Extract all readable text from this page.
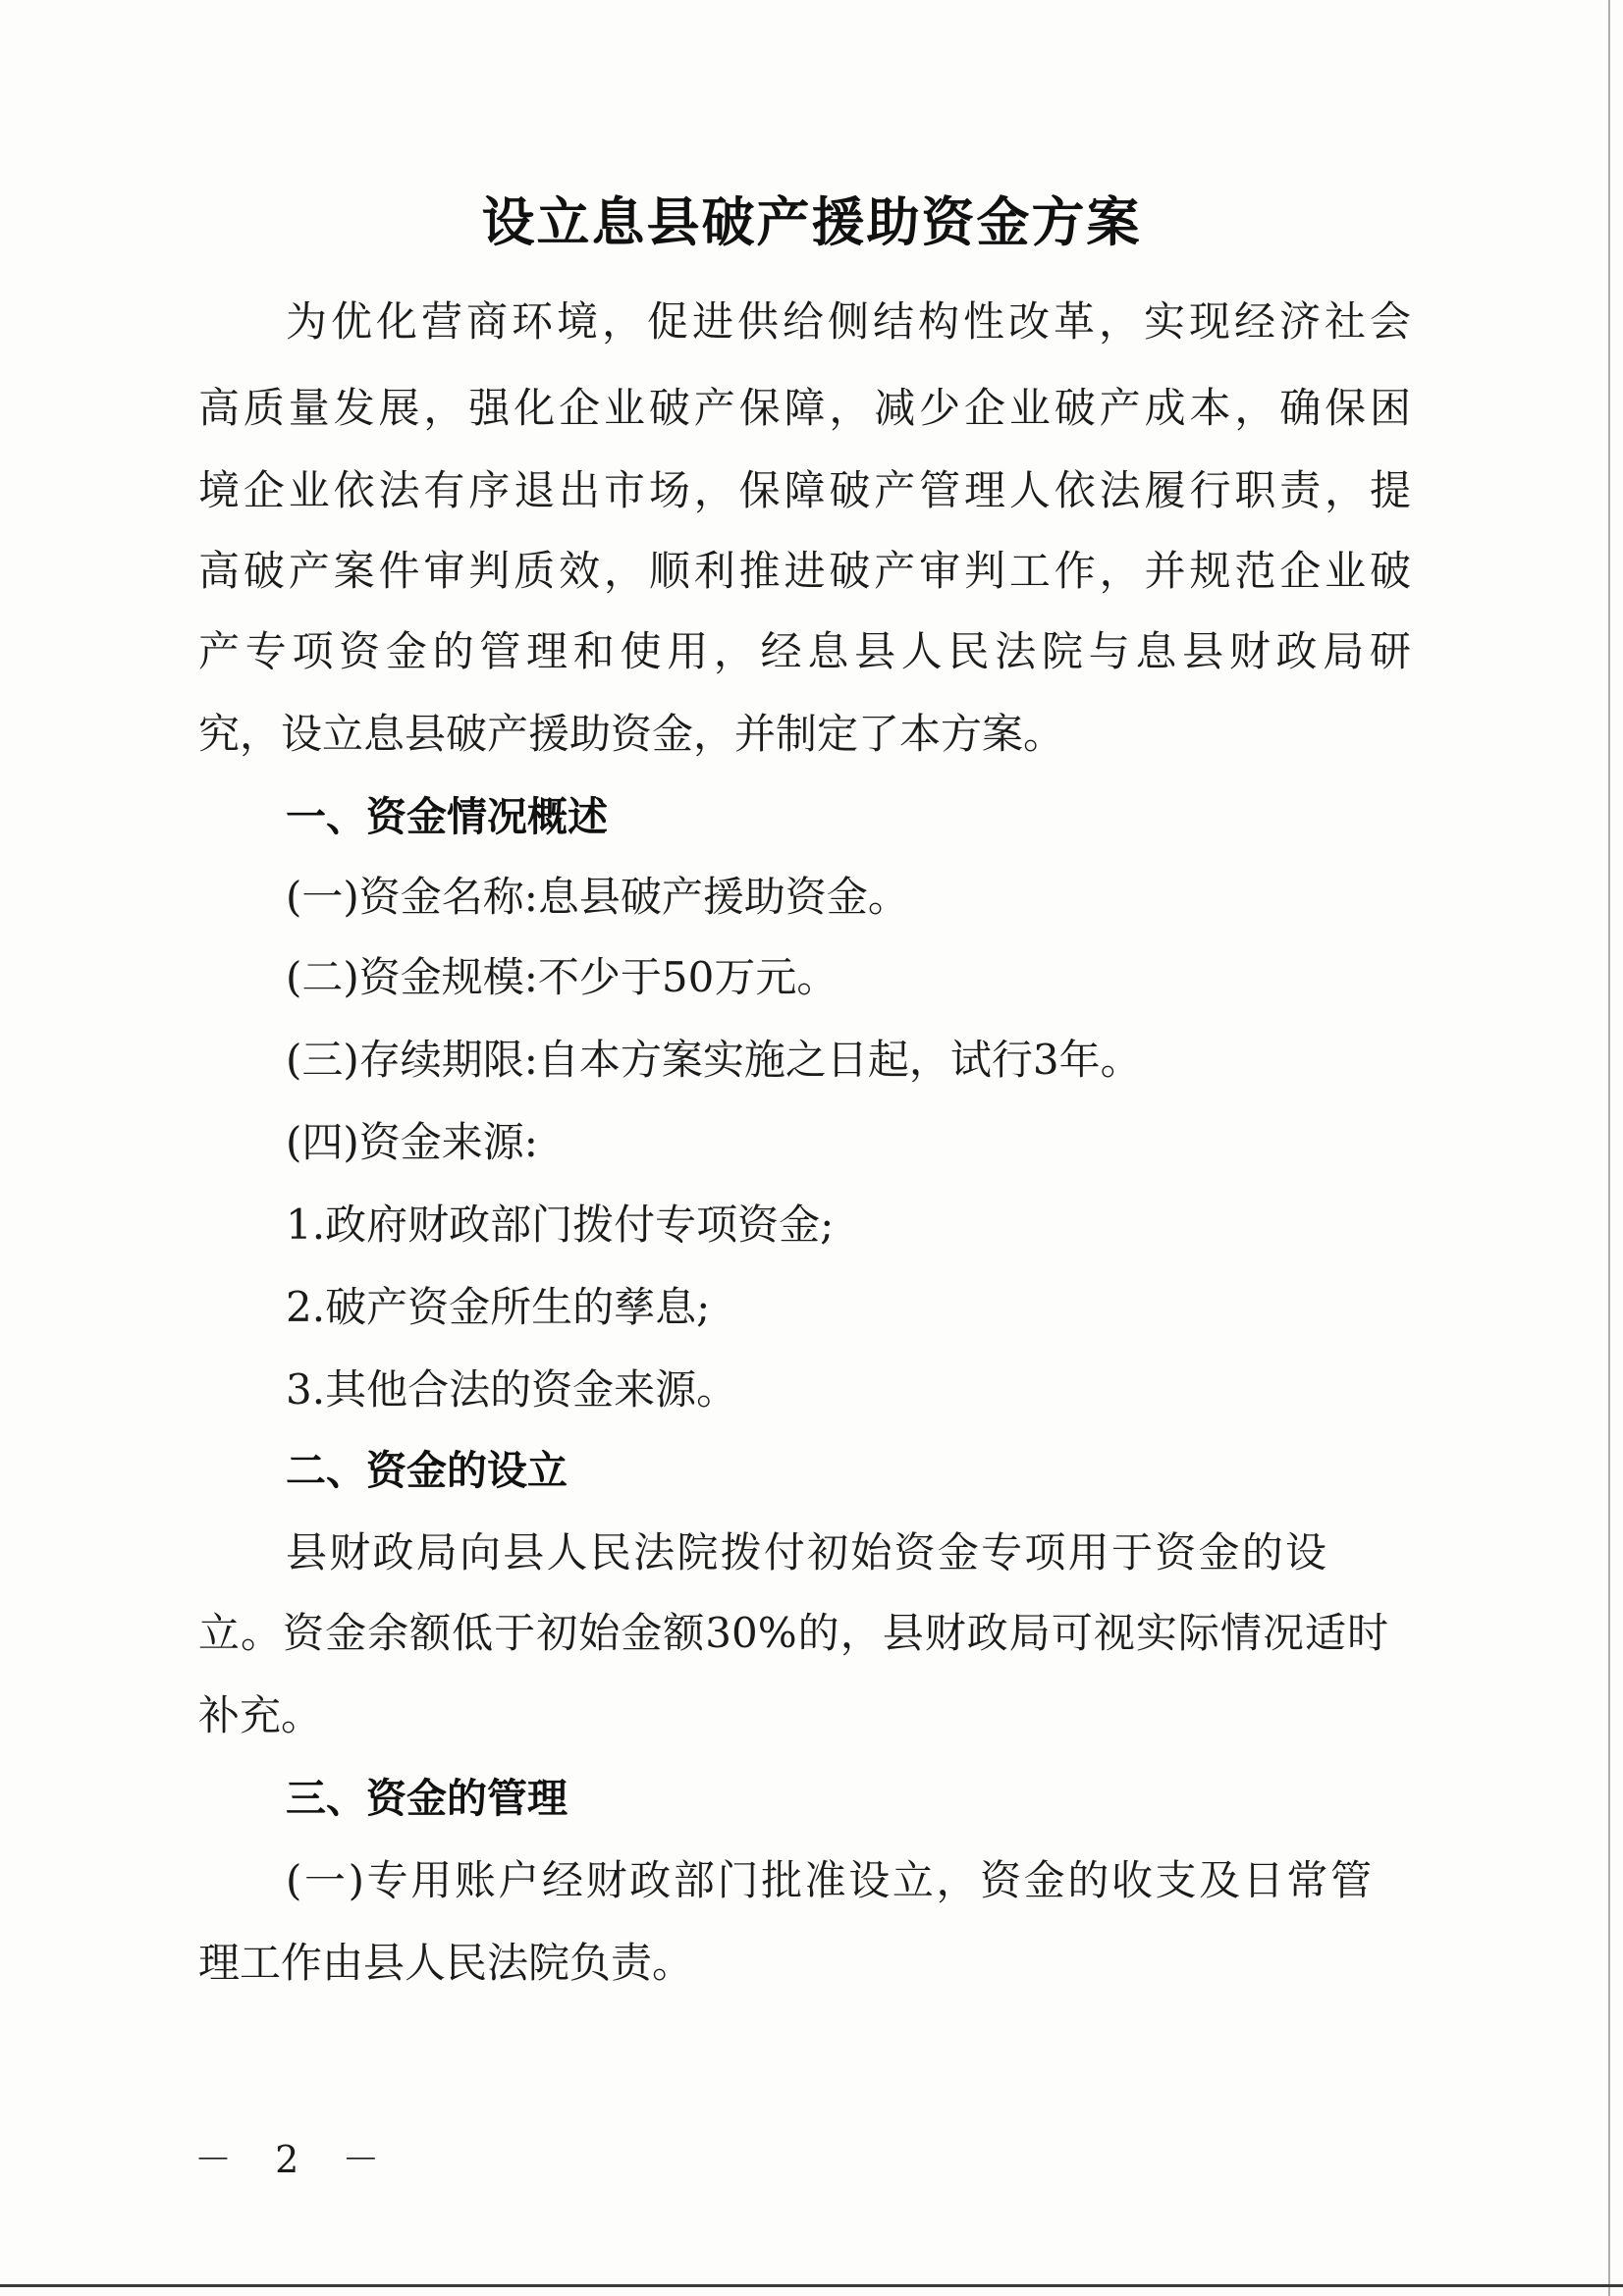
设立息县破产援助资金方案
为优化营商环境，促进供给侧结构性改革，实现经济社会
高质量发展，强化企业破产保障，减少企业破产成本，确保困
境企业依法有序退出市场，保障破产管理人依法履行职责，提
高破产案件审判质效，顺利推进破产审判工作，并规范企业破
产专项资金的管理和使用，经息县人民法院与息县财政局研
究，设立息县破产援助资金，并制定了本方案。
一、资金情况概述
(一)资金名称:息县破产援助资金。
(二)资金规模:不少于50万元。
(三)存续期限:自本方案实施之日起，试行3年。
(四)资金来源:
1.政府财政部门拨付专项资金;
2.破产资金所生的孳息;
3.其他合法的资金来源。
二、资金的设立
县财政局向县人民法院拨付初始资金专项用于资金的设
立。资金余额低于初始金额30%的，县财政局可视实际情况适时
补充。
三、资金的管理
(一)专用账户经财政部门批准设立，资金的收支及日常管
理工作由县人民法院负责。
－ 2 －
